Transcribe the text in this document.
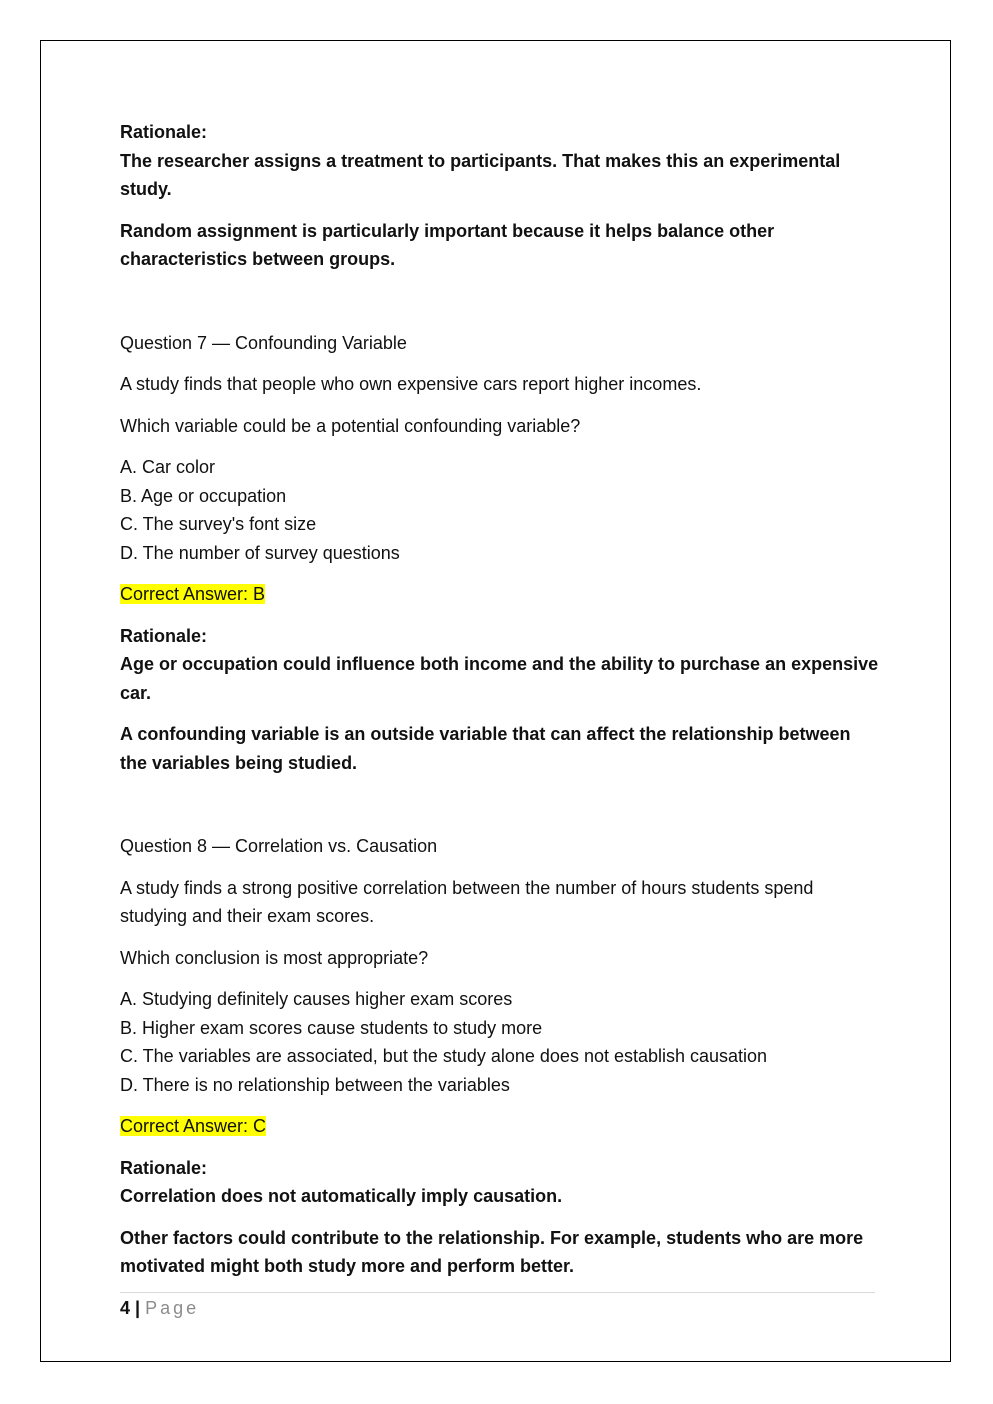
Rationale:

The researcher assigns a treatment to participants. That makes this an experimental study.

Random assignment is particularly important because it helps balance other characteristics between groups.

Question 7 — Confounding Variable

A study finds that people who own expensive cars report higher incomes.

Which variable could be a potential confounding variable?

A. Car color

B. Age or occupation

C. The survey's font size

D. The number of survey questions

Correct Answer: B

Rationale:

Age or occupation could influence both income and the ability to purchase an expensive car.

A confounding variable is an outside variable that can affect the relationship between the variables being studied.

Question 8 — Correlation vs. Causation

A study finds a strong positive correlation between the number of hours students spend studying and their exam scores.

Which conclusion is most appropriate?

A. Studying definitely causes higher exam scores

B. Higher exam scores cause students to study more

C. The variables are associated, but the study alone does not establish causation

D. There is no relationship between the variables

Correct Answer: C

Rationale:

Correlation does not automatically imply causation.

Other factors could contribute to the relationship. For example, students who are more motivated might both study more and perform better.

4 | Page
